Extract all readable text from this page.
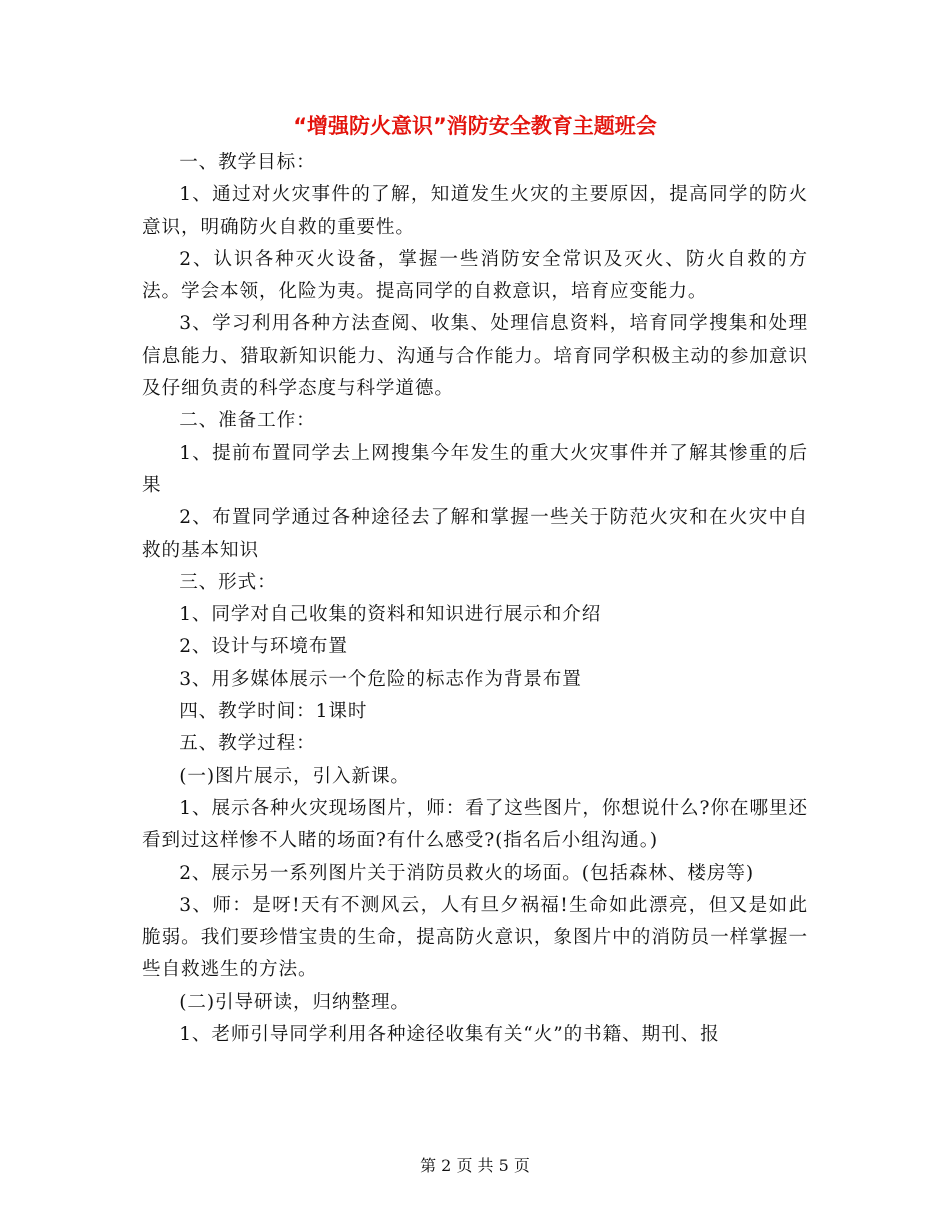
“增强防火意识”消防安全教育主题班会

一、教学目标：

1、通过对火灾事件的了解，知道发生火灾的主要原因，提高同学的防火意识，明确防火自救的重要性。

2、认识各种灭火设备，掌握一些消防安全常识及灭火、防火自救的方法。学会本领，化险为夷。提高同学的自救意识，培育应变能力。

3、学习利用各种方法查阅、收集、处理信息资料，培育同学搜集和处理信息能力、猎取新知识能力、沟通与合作能力。培育同学积极主动的参加意识及仔细负责的科学态度与科学道德。

二、准备工作：

1、提前布置同学去上网搜集今年发生的重大火灾事件并了解其惨重的后果

2、布置同学通过各种途径去了解和掌握一些关于防范火灾和在火灾中自救的基本知识

三、形式：

1、同学对自己收集的资料和知识进行展示和介绍

2、设计与环境布置

3、用多媒体展示一个危险的标志作为背景布置

四、教学时间：1课时

五、教学过程：

(一)图片展示，引入新课。

1、展示各种火灾现场图片，师：看了这些图片，你想说什么?你在哪里还看到过这样惨不人睹的场面?有什么感受?(指名后小组沟通。)

2、展示另一系列图片关于消防员救火的场面。(包括森林、楼房等)

3、师：是呀!天有不测风云，人有旦夕祸福!生命如此漂亮，但又是如此脆弱。我们要珍惜宝贵的生命，提高防火意识，象图片中的消防员一样掌握一些自救逃生的方法。

(二)引导研读，归纳整理。

1、老师引导同学利用各种途径收集有关“火”的书籍、期刊、报

第 2 页 共 5 页
